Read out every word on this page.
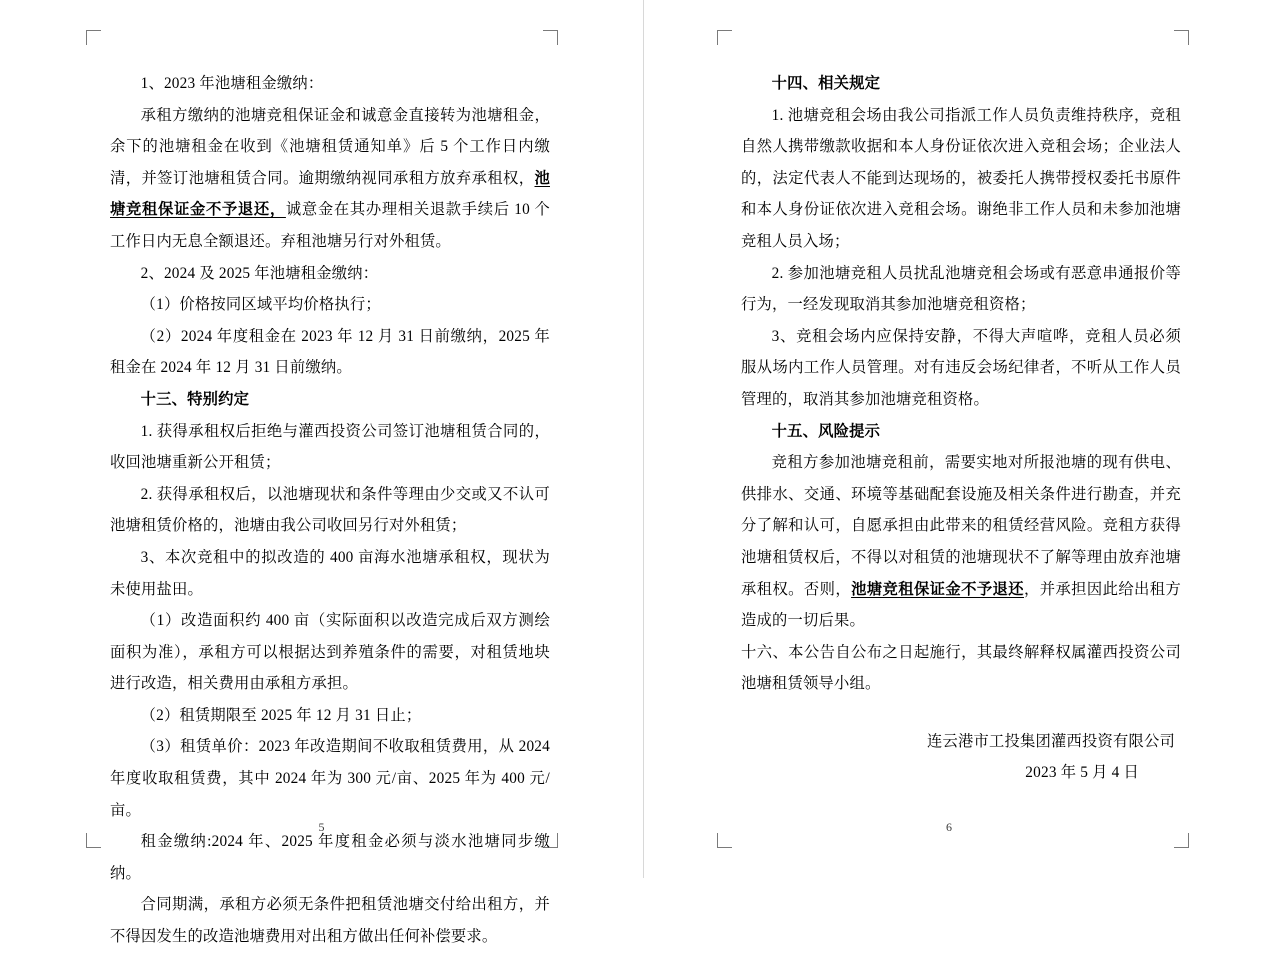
1、2023 年池塘租金缴纳：

承租方缴纳的池塘竞租保证金和诚意金直接转为池塘租金，余下的池塘租金在收到《池塘租赁通知单》后 5 个工作日内缴清，并签订池塘租赁合同。逾期缴纳视同承租方放弃承租权，池塘竞租保证金不予退还，诚意金在其办理相关退款手续后 10 个工作日内无息全额退还。弃租池塘另行对外租赁。

2、2024 及 2025 年池塘租金缴纳：

（1）价格按同区域平均价格执行；

（2）2024 年度租金在 2023 年 12 月 31 日前缴纳，2025 年租金在 2024 年 12 月 31 日前缴纳。

十三、特别约定

1. 获得承租权后拒绝与灌西投资公司签订池塘租赁合同的，收回池塘重新公开租赁；

2. 获得承租权后，以池塘现状和条件等理由少交或又不认可池塘租赁价格的，池塘由我公司收回另行对外租赁；

3、本次竞租中的拟改造的 400 亩海水池塘承租权，现状为未使用盐田。

（1）改造面积约 400 亩（实际面积以改造完成后双方测绘面积为准），承租方可以根据达到养殖条件的需要，对租赁地块进行改造，相关费用由承租方承担。

（2）租赁期限至 2025 年 12 月 31 日止；

（3）租赁单价：2023 年改造期间不收取租赁费用，从 2024 年度收取租赁费，其中 2024 年为 300 元/亩、2025 年为 400 元/亩。

租金缴纳:2024 年、2025 年度租金必须与淡水池塘同步缴纳。

合同期满，承租方必须无条件把租赁池塘交付给出租方，并不得因发生的改造池塘费用对出租方做出任何补偿要求。

5

十四、相关规定

1. 池塘竞租会场由我公司指派工作人员负责维持秩序，竞租自然人携带缴款收据和本人身份证依次进入竞租会场；企业法人的，法定代表人不能到达现场的，被委托人携带授权委托书原件和本人身份证依次进入竞租会场。谢绝非工作人员和未参加池塘竞租人员入场；

2. 参加池塘竞租人员扰乱池塘竞租会场或有恶意串通报价等行为，一经发现取消其参加池塘竞租资格；

3、竞租会场内应保持安静，不得大声喧哗，竞租人员必须服从场内工作人员管理。对有违反会场纪律者，不听从工作人员管理的，取消其参加池塘竞租资格。

十五、风险提示

竞租方参加池塘竞租前，需要实地对所报池塘的现有供电、供排水、交通、环境等基础配套设施及相关条件进行勘查，并充分了解和认可，自愿承担由此带来的租赁经营风险。竞租方获得池塘租赁权后，不得以对租赁的池塘现状不了解等理由放弃池塘承租权。否则，池塘竞租保证金不予退还，并承担因此给出租方造成的一切后果。

十六、本公告自公布之日起施行，其最终解释权属灌西投资公司池塘租赁领导小组。

连云港市工投集团灌西投资有限公司

2023 年 5 月 4 日

6
